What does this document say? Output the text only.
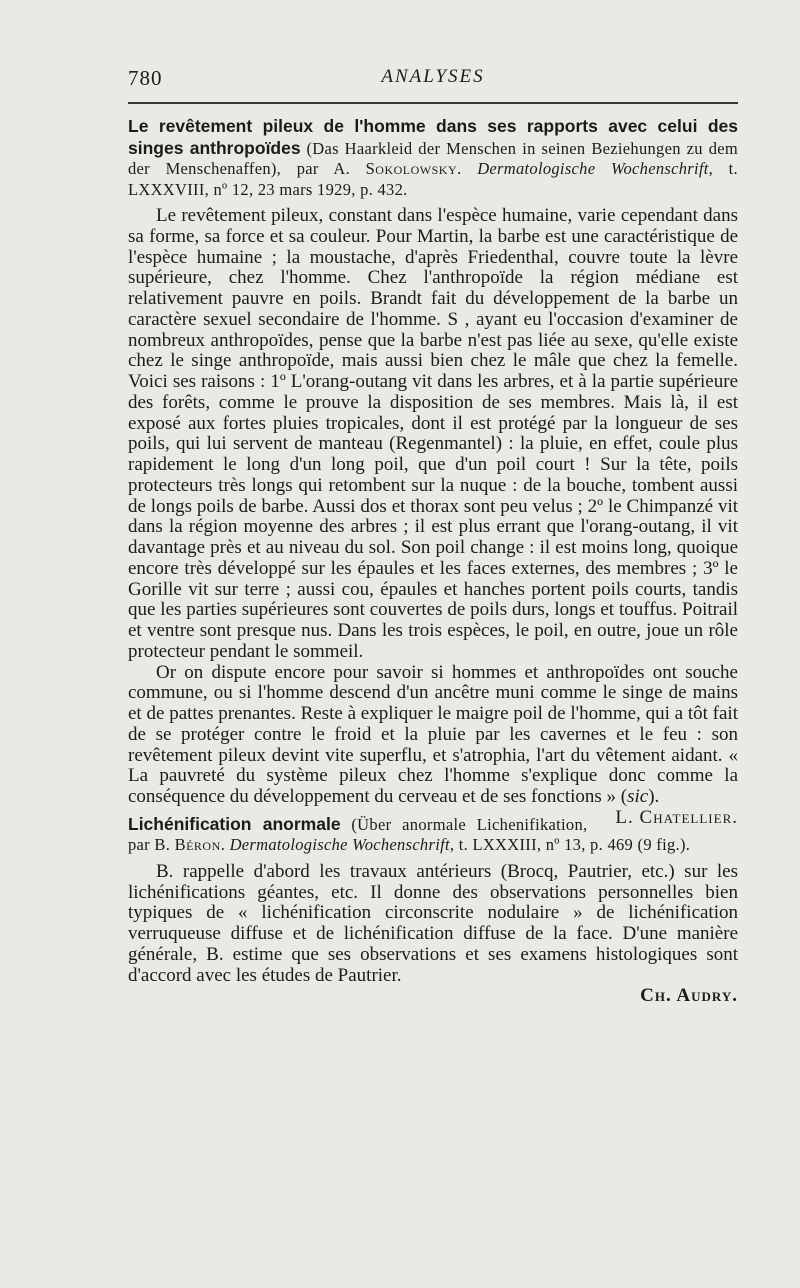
780	ANALYSES

Le revêtement pileux de l'homme dans ses rapports avec celui des singes anthropoïdes (Das Haarkleid der Menschen in seinen Beziehungen zu dem der Menschenaffen), par A. Sokolowsky. Dermatologische Wochenschrift, t. LXXXVIII, nº 12, 23 mars 1929, p. 432.

Le revêtement pileux, constant dans l'espèce humaine, varie cependant dans sa forme, sa force et sa couleur. Pour Martin, la barbe est une caractéristique de l'espèce humaine ; la moustache, d'après Friedenthal, couvre toute la lèvre supérieure, chez l'homme. Chez l'anthropoïde la région médiane est relativement pauvre en poils. Brandt fait du développement de la barbe un caractère sexuel secondaire de l'homme. S , ayant eu l'occasion d'examiner de nombreux anthropoïdes, pense que la barbe n'est pas liée au sexe, qu'elle existe chez le singe anthropoïde, mais aussi bien chez le mâle que chez la femelle. Voici ses raisons : 1º L'orang-outang vit dans les arbres, et à la partie supérieure des forêts, comme le prouve la disposition de ses membres. Mais là, il est exposé aux fortes pluies tropicales, dont il est protégé par la longueur de ses poils, qui lui servent de manteau (Regenmantel) : la pluie, en effet, coule plus rapidement le long d'un long poil, que d'un poil court ! Sur la tête, poils protecteurs très longs qui retombent sur la nuque : de la bouche, tombent aussi de longs poils de barbe. Aussi dos et thorax sont peu velus ; 2º le Chimpanzé vit dans la région moyenne des arbres ; il est plus errant que l'orang-outang, il vit davantage près et au niveau du sol. Son poil change : il est moins long, quoique encore très développé sur les épaules et les faces externes, des membres ; 3º le Gorille vit sur terre ; aussi cou, épaules et hanches portent poils courts, tandis que les parties supérieures sont couvertes de poils durs, longs et touffus. Poitrail et ventre sont presque nus. Dans les trois espèces, le poil, en outre, joue un rôle protecteur pendant le sommeil.

Or on dispute encore pour savoir si hommes et anthropoïdes ont souche commune, ou si l'homme descend d'un ancêtre muni comme le singe de mains et de pattes prenantes. Reste à expliquer le maigre poil de l'homme, qui a tôt fait de se protéger contre le froid et la pluie par les cavernes et le feu : son revêtement pileux devint vite superflu, et s'atrophia, l'art du vêtement aidant. « La pauvreté du système pileux chez l'homme s'explique donc comme la conséquence du développement du cerveau et de ses fonctions » (sic).
L. Chatellier.

Lichénification anormale (Über anormale Lichenifikation, par B. Béron. Dermatologische Wochenschrift, t. LXXXIII, nº 13, p. 469 (9 fig.).

B. rappelle d'abord les travaux antérieurs (Brocq, Pautrier, etc.) sur les lichénifications géantes, etc. Il donne des observations personnelles bien typiques de « lichénification circonscrite nodulaire » de lichénification verruqueuse diffuse et de lichénification diffuse de la face. D'une manière générale, B. estime que ses observations et ses examens histologiques sont d'accord avec les études de Pautrier.

Ch. Audry.
